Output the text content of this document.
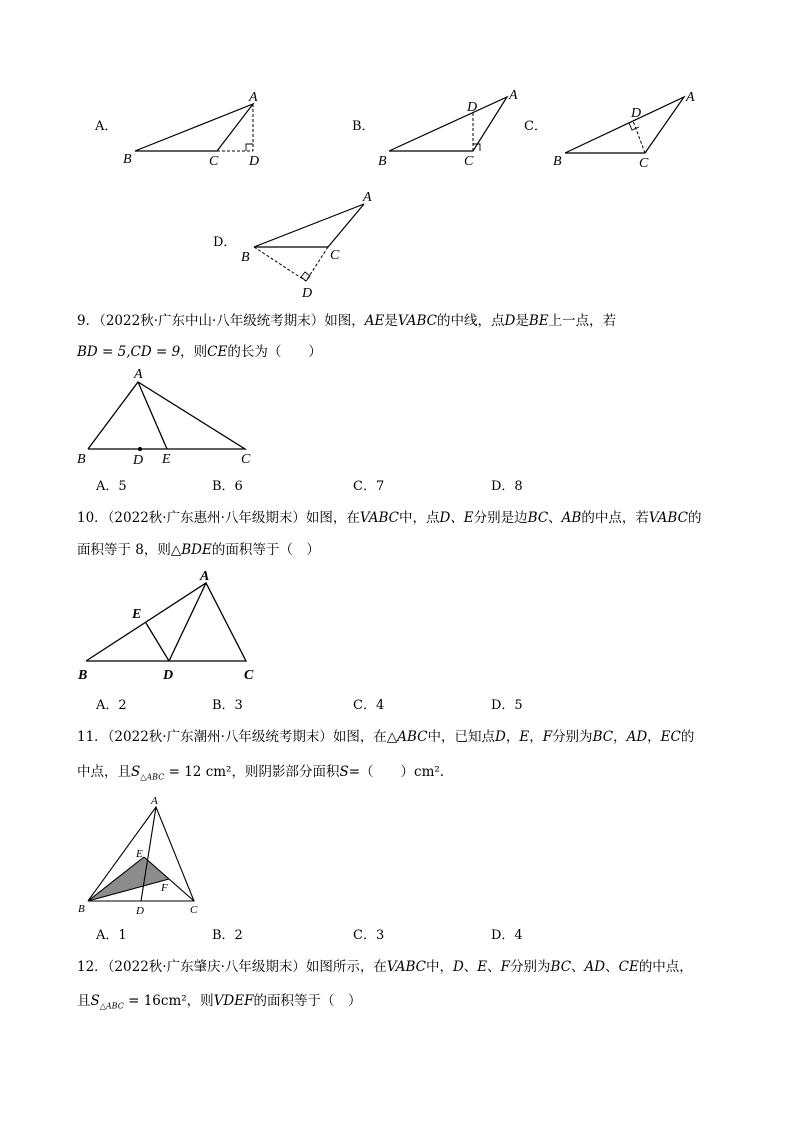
A．
A
B	C D
B．
A
D
B	C
C．
A
D
B	C
D．
A
B	C
D
9．（2022秋·广东中山·八年级统考期末）如图，AE是VABC的中线，点D是BE上一点，若
BD = 5,CD = 9，则CE的长为（　　）
A
B	D E	C
A．5	B．6	C．7	D．8
10．（2022秋·广东惠州·八年级期末）如图，在VABC中，点D、E分别是边BC、AB的中点，若VABC的
面积等于 8，则△BDE的面积等于（　）
A
E
B	D	C
A．2	B．3	C．4	D．5
11．（2022秋·广东潮州·八年级统考期末）如图，在△ABC中，已知点D，E，F分别为BC，AD，EC的
中点，且$S_{\triangle ABC} = 12$ cm²，则阴影部分面积S=（　　）cm².
A
E
F
B	D	C
A．1	B．2	C．3	D．4
12．（2022秋·广东肇庆·八年级期末）如图所示，在VABC中，D、E、F分别为BC、AD、CE的中点，
且$S_{\triangle ABC} = 16cm^2$，则VDEF的面积等于（　）
